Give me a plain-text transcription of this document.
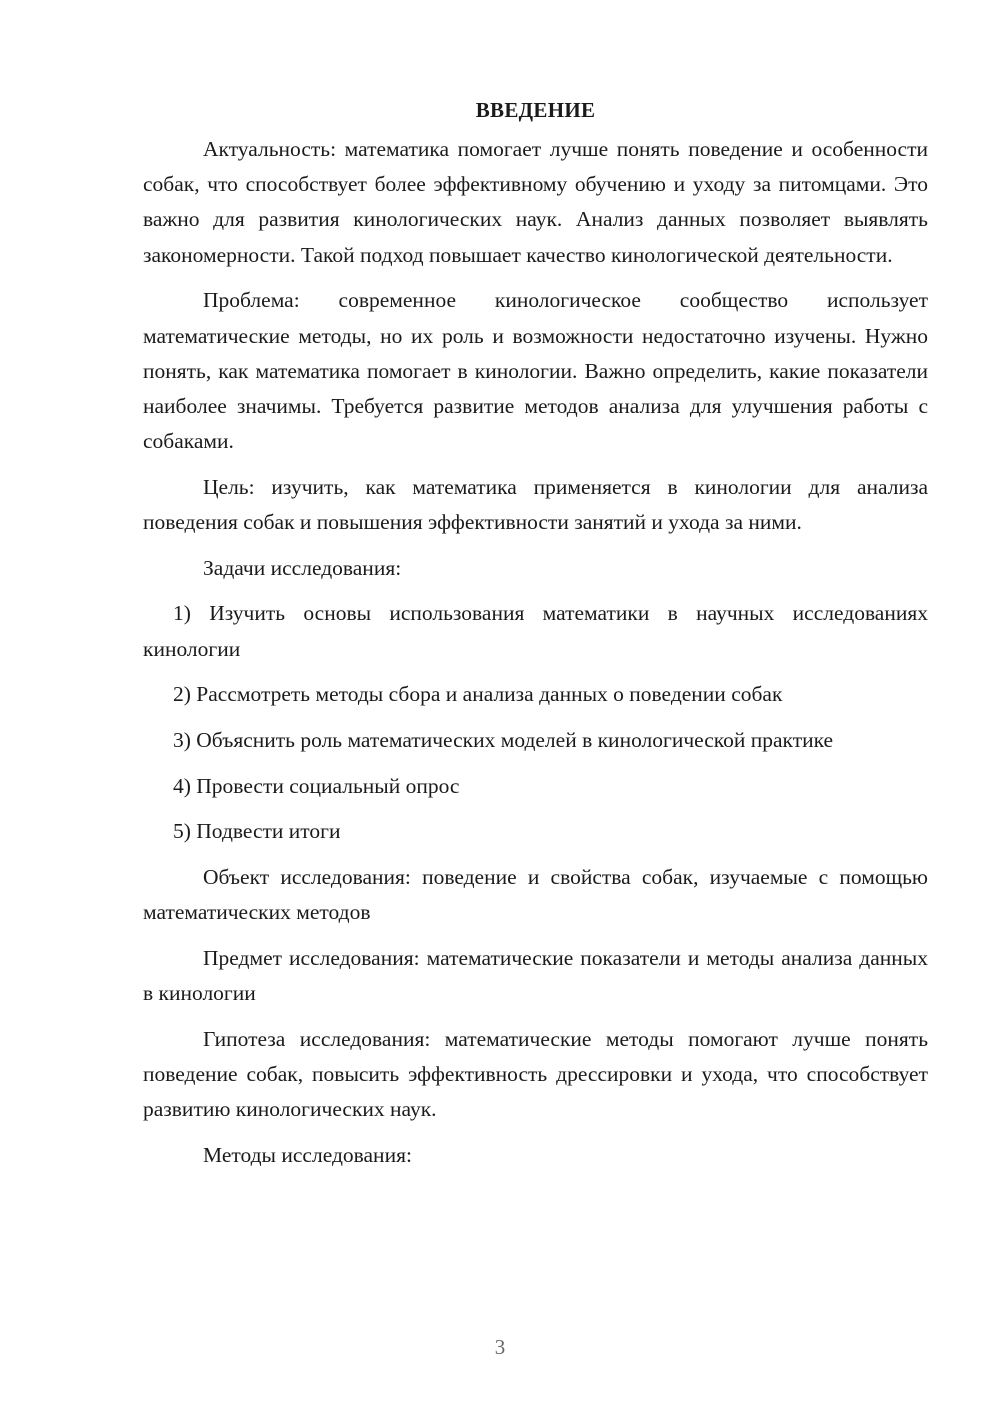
ВВЕДЕНИЕ

Актуальность: математика помогает лучше понять поведение и особенности собак, что способствует более эффективному обучению и уходу за питомцами. Это важно для развития кинологических наук. Анализ данных позволяет выявлять закономерности. Такой подход повышает качество кинологической деятельности.

Проблема: современное кинологическое сообщество использует математические методы, но их роль и возможности недостаточно изучены. Нужно понять, как математика помогает в кинологии. Важно определить, какие показатели наиболее значимы. Требуется развитие методов анализа для улучшения работы с собаками.

Цель: изучить, как математика применяется в кинологии для анализа поведения собак и повышения эффективности занятий и ухода за ними.

Задачи исследования:

1) Изучить основы использования математики в научных исследованиях кинологии

2) Рассмотреть методы сбора и анализа данных о поведении собак

3) Объяснить роль математических моделей в кинологической практике

4) Провести социальный опрос

5) Подвести итоги

Объект исследования: поведение и свойства собак, изучаемые с помощью математических методов

Предмет исследования: математические показатели и методы анализа данных в кинологии

Гипотеза исследования: математические методы помогают лучше понять поведение собак, повысить эффективность дрессировки и ухода, что способствует развитию кинологических наук.

Методы исследования:

3
